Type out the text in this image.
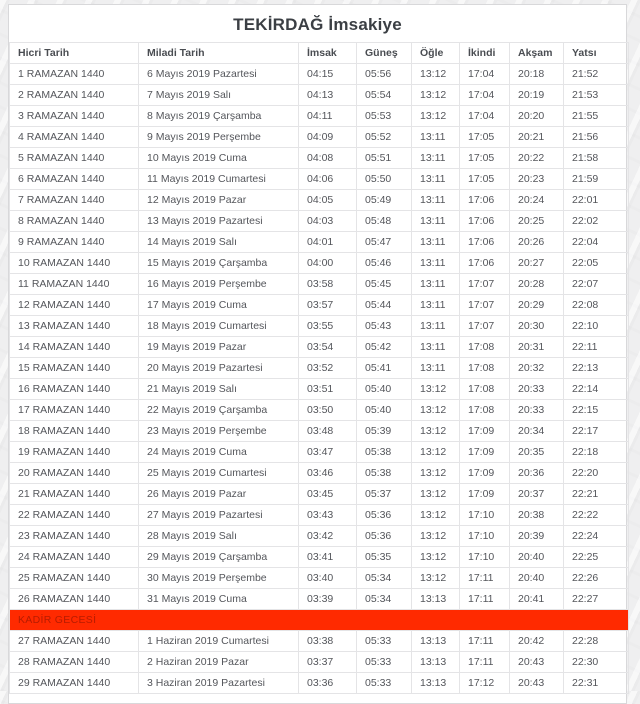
TEKİRDAĞ İmsakiye
Hicri Tarih	Miladi Tarih	İmsak	Güneş	Öğle	İkindi	Akşam	Yatsı
1 RAMAZAN 1440	6 Mayıs 2019 Pazartesi	04:15	05:56	13:12	17:04	20:18	21:52
2 RAMAZAN 1440	7 Mayıs 2019 Salı	04:13	05:54	13:12	17:04	20:19	21:53
3 RAMAZAN 1440	8 Mayıs 2019 Çarşamba	04:11	05:53	13:12	17:04	20:20	21:55
4 RAMAZAN 1440	9 Mayıs 2019 Perşembe	04:09	05:52	13:11	17:05	20:21	21:56
5 RAMAZAN 1440	10 Mayıs 2019 Cuma	04:08	05:51	13:11	17:05	20:22	21:58
6 RAMAZAN 1440	11 Mayıs 2019 Cumartesi	04:06	05:50	13:11	17:05	20:23	21:59
7 RAMAZAN 1440	12 Mayıs 2019 Pazar	04:05	05:49	13:11	17:06	20:24	22:01
8 RAMAZAN 1440	13 Mayıs 2019 Pazartesi	04:03	05:48	13:11	17:06	20:25	22:02
9 RAMAZAN 1440	14 Mayıs 2019 Salı	04:01	05:47	13:11	17:06	20:26	22:04
10 RAMAZAN 1440	15 Mayıs 2019 Çarşamba	04:00	05:46	13:11	17:06	20:27	22:05
11 RAMAZAN 1440	16 Mayıs 2019 Perşembe	03:58	05:45	13:11	17:07	20:28	22:07
12 RAMAZAN 1440	17 Mayıs 2019 Cuma	03:57	05:44	13:11	17:07	20:29	22:08
13 RAMAZAN 1440	18 Mayıs 2019 Cumartesi	03:55	05:43	13:11	17:07	20:30	22:10
14 RAMAZAN 1440	19 Mayıs 2019 Pazar	03:54	05:42	13:11	17:08	20:31	22:11
15 RAMAZAN 1440	20 Mayıs 2019 Pazartesi	03:52	05:41	13:11	17:08	20:32	22:13
16 RAMAZAN 1440	21 Mayıs 2019 Salı	03:51	05:40	13:12	17:08	20:33	22:14
17 RAMAZAN 1440	22 Mayıs 2019 Çarşamba	03:50	05:40	13:12	17:08	20:33	22:15
18 RAMAZAN 1440	23 Mayıs 2019 Perşembe	03:48	05:39	13:12	17:09	20:34	22:17
19 RAMAZAN 1440	24 Mayıs 2019 Cuma	03:47	05:38	13:12	17:09	20:35	22:18
20 RAMAZAN 1440	25 Mayıs 2019 Cumartesi	03:46	05:38	13:12	17:09	20:36	22:20
21 RAMAZAN 1440	26 Mayıs 2019 Pazar	03:45	05:37	13:12	17:09	20:37	22:21
22 RAMAZAN 1440	27 Mayıs 2019 Pazartesi	03:43	05:36	13:12	17:10	20:38	22:22
23 RAMAZAN 1440	28 Mayıs 2019 Salı	03:42	05:36	13:12	17:10	20:39	22:24
24 RAMAZAN 1440	29 Mayıs 2019 Çarşamba	03:41	05:35	13:12	17:10	20:40	22:25
25 RAMAZAN 1440	30 Mayıs 2019 Perşembe	03:40	05:34	13:12	17:11	20:40	22:26
26 RAMAZAN 1440	31 Mayıs 2019 Cuma	03:39	05:34	13:13	17:11	20:41	22:27
KADİR GECESİ							
27 RAMAZAN 1440	1 Haziran 2019 Cumartesi	03:38	05:33	13:13	17:11	20:42	22:28
28 RAMAZAN 1440	2 Haziran 2019 Pazar	03:37	05:33	13:13	17:11	20:43	22:30
29 RAMAZAN 1440	3 Haziran 2019 Pazartesi	03:36	05:33	13:13	17:12	20:43	22:31
